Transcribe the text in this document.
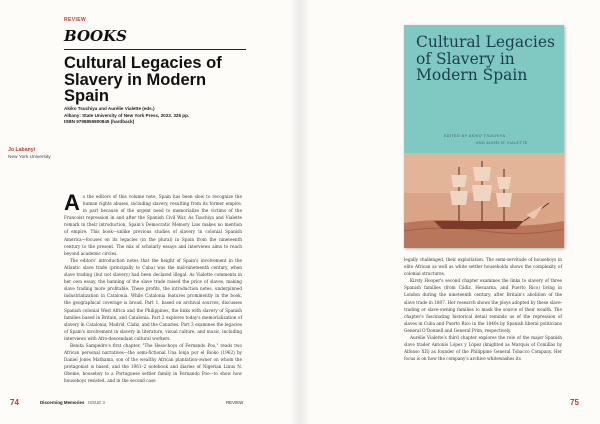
REVIEW
BOOKS
Cultural Legacies of Slavery in Modern Spain
Akiko Tsuchiya and Aurélie Vialette (eds.)
Albany: State University of New York Press, 2023. 326 pp.
ISBN 9798855800845 (hardback)
Jo Labanyi
New York University

As the editors of this volume note, Spain has been slow to recognize the human rights abuses, including slavery, resulting from its former empire, in part because of the urgent need to memorialize the victims of the Francoist repression in and after the Spanish Civil War. As Tsuchiya and Vialette remark in their introduction, Spain's Democratic Memory Law makes no mention of empire. This book—unlike previous studies of slavery in colonial Spanish America—focuses on its legacies (in the plural) in Spain from the nineteenth century to the present. The mix of scholarly essays and interviews aims to reach beyond academic circles.

The editors' introduction notes that the height of Spain's involvement in the Atlantic slave trade (principally to Cuba) was the mid-nineteenth century, when slave trading (but not slavery) had been declared illegal. As Vialette comments in her own essay, the banning of the slave trade raised the price of slaves, making slave trading more profitable. These profits, the introduction notes, underpinned industrialization in Catalonia. While Catalonia features prominently in the book, the geographical coverage is broad. Part 1, based on archival sources, discusses Spanish colonial West Africa and the Philippines, the links with slavery of Spanish families based in Britain, and Catalonia. Part 2 explores today's memorialization of slavery in Catalonia, Madrid, Cádiz, and the Canaries. Part 3 examines the legacies of Spain's involvement in slavery in literature, visual culture, and music, including interviews with Afro-descendant cultural workers.

Benita Sampedro's first chapter, "The Hesochoys of Fernando Poo," reads two African personal narratives—the semi-fictional Una lonja por el Bioko (1962) by Daniel Jones Mathama, son of the wealthy African plantation-owner on whom the protagonist is based, and the 1961–2 notebook and diaries of Nigerian Linus N. Obeme, houseboy to a Portuguese settler family in Fernando Poo—to show how houseboys resisted, and in the second case

74	Discerning Memories ISSUE 3	REVIEW
Cultural Legacies of Slavery in Modern Spain
EDITED BY AKIKO TSUCHIYA
AND AURÉLIE VIALETTE

legally challenged, their exploitation. The semi-servitude of houseboys in elite African as well as white settler households shows the complexity of colonial structures.

Kirsty Hooper's second chapter examines the links to slavery of three Spanish families (from Cádiz, Hesuarna, and Puerto Rico) living in London during the nineteenth century, after Britain's abolition of the slave trade in 1807. Her research shows the ploys adopted by these slave-trading or slave-owning families to mask the source of their wealth. The chapter's fascinating historical detail reminds us of the repression of slaves in Cuba and Puerto Rico in the 1840s by Spanish liberal politicians General O'Donnell and General Prim, respectively.

Aurélie Vialette's third chapter explores the role of the major Spanish slave trader Antonio López y López (knighted as Marquis of Comillas by Alfonso XII) as founder of the Philippine General Tobacco Company. Her focus is on how the company's archive whitewashes its

75
